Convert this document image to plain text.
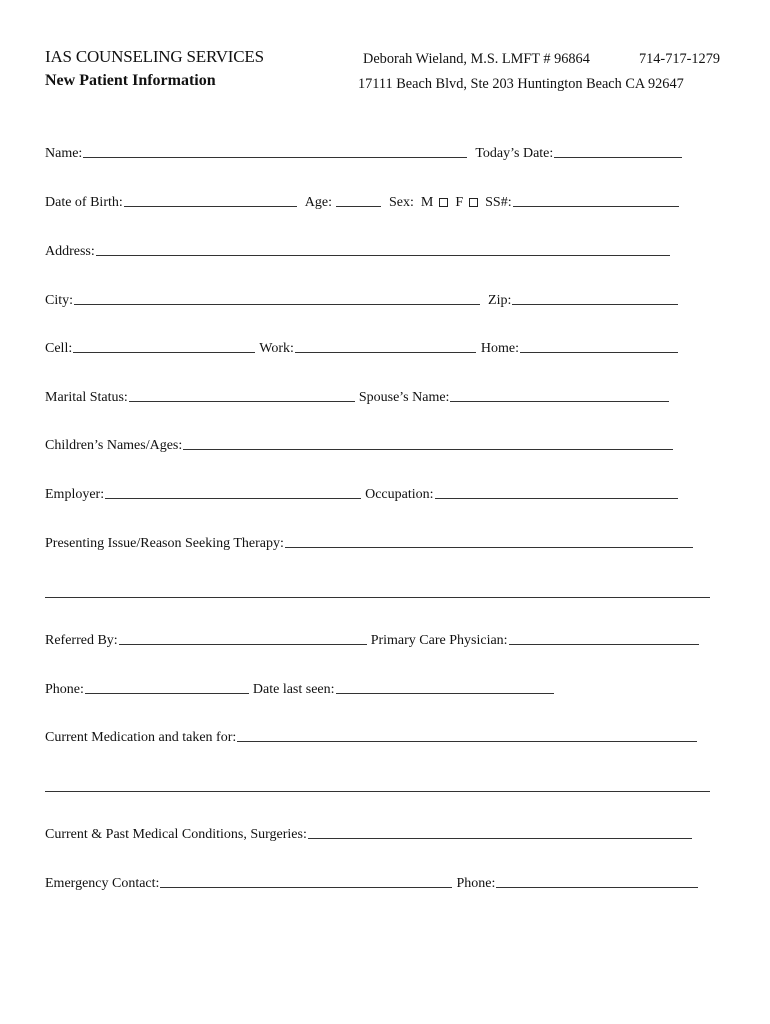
IAS COUNSELING SERVICES
New Patient Information
Deborah Wieland, M.S. LMFT # 96864	714-717-1279
17111 Beach Blvd, Ste 203 Huntington Beach CA 92647
Name:	Today’s Date:
Date of Birth:	Age:	Sex: M F SS#:
Address:
City:	Zip:
Cell:	Work:	Home:
Marital Status:	Spouse’s Name:
Children’s Names/Ages:
Employer:	Occupation:
Presenting Issue/Reason Seeking Therapy:
Referred By:	Primary Care Physician:
Phone:	Date last seen:
Current Medication and taken for:
Current & Past Medical Conditions, Surgeries:
Emergency Contact:	Phone:
